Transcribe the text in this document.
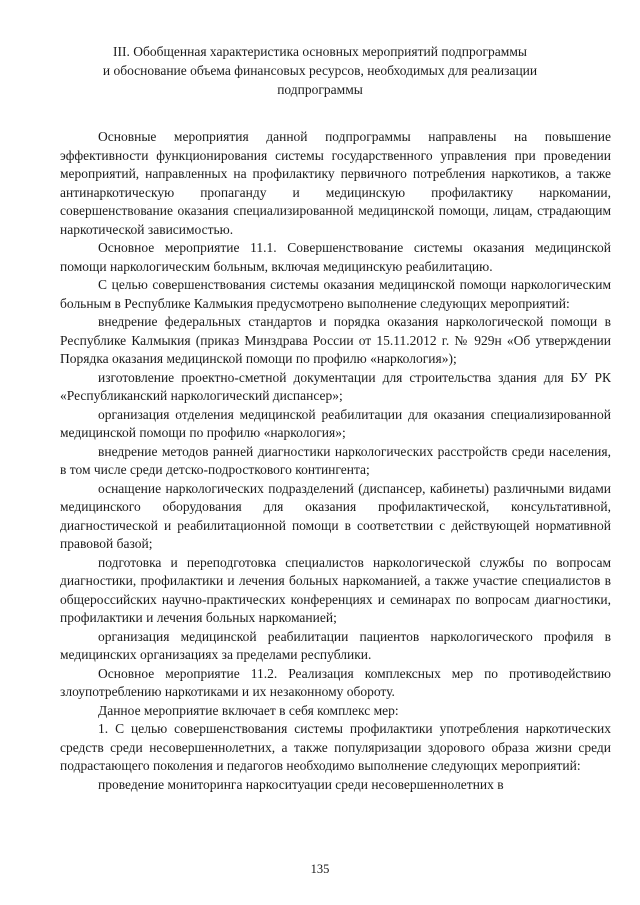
III. Обобщенная характеристика основных мероприятий подпрограммы
и обоснование объема финансовых ресурсов, необходимых для реализации
подпрограммы

Основные мероприятия данной подпрограммы направлены на повышение эффективности функционирования системы государственного управления при проведении мероприятий, направленных на профилактику первичного потребления наркотиков, а также антинаркотическую пропаганду и медицинскую профилактику наркомании, совершенствование оказания специализированной медицинской помощи, лицам, страдающим наркотической зависимостью.

Основное мероприятие 11.1. Совершенствование системы оказания медицинской помощи наркологическим больным, включая медицинскую реабилитацию.

С целью совершенствования системы оказания медицинской помощи наркологическим больным в Республике Калмыкия предусмотрено выполнение следующих мероприятий:

внедрение федеральных стандартов и порядка оказания наркологической помощи в Республике Калмыкия (приказ Минздрава России от 15.11.2012 г. № 929н «Об утверждении Порядка оказания медицинской помощи по профилю «наркология»);

изготовление проектно-сметной документации для строительства здания для БУ РК «Республиканский наркологический диспансер»;

организация отделения медицинской реабилитации для оказания специализированной медицинской помощи по профилю «наркология»;

внедрение методов ранней диагностики наркологических расстройств среди населения, в том числе среди детско-подросткового контингента;

оснащение наркологических подразделений (диспансер, кабинеты) различными видами медицинского оборудования для оказания профилактической, консультативной, диагностической и реабилитационной помощи в соответствии с действующей нормативной правовой базой;

подготовка и переподготовка специалистов наркологической службы по вопросам диагностики, профилактики и лечения больных наркоманией, а также участие специалистов в общероссийских научно-практических конференциях и семинарах по вопросам диагностики, профилактики и лечения больных наркоманией;

организация медицинской реабилитации пациентов наркологического профиля в медицинских организациях за пределами республики.

Основное мероприятие 11.2. Реализация комплексных мер по противодействию злоупотреблению наркотиками и их незаконному обороту.

Данное мероприятие включает в себя комплекс мер:

1. С целью совершенствования системы профилактики употребления наркотических средств среди несовершеннолетних, а также популяризации здорового образа жизни среди подрастающего поколения и педагогов необходимо выполнение следующих мероприятий:

проведение мониторинга наркоситуации среди несовершеннолетних в

135
